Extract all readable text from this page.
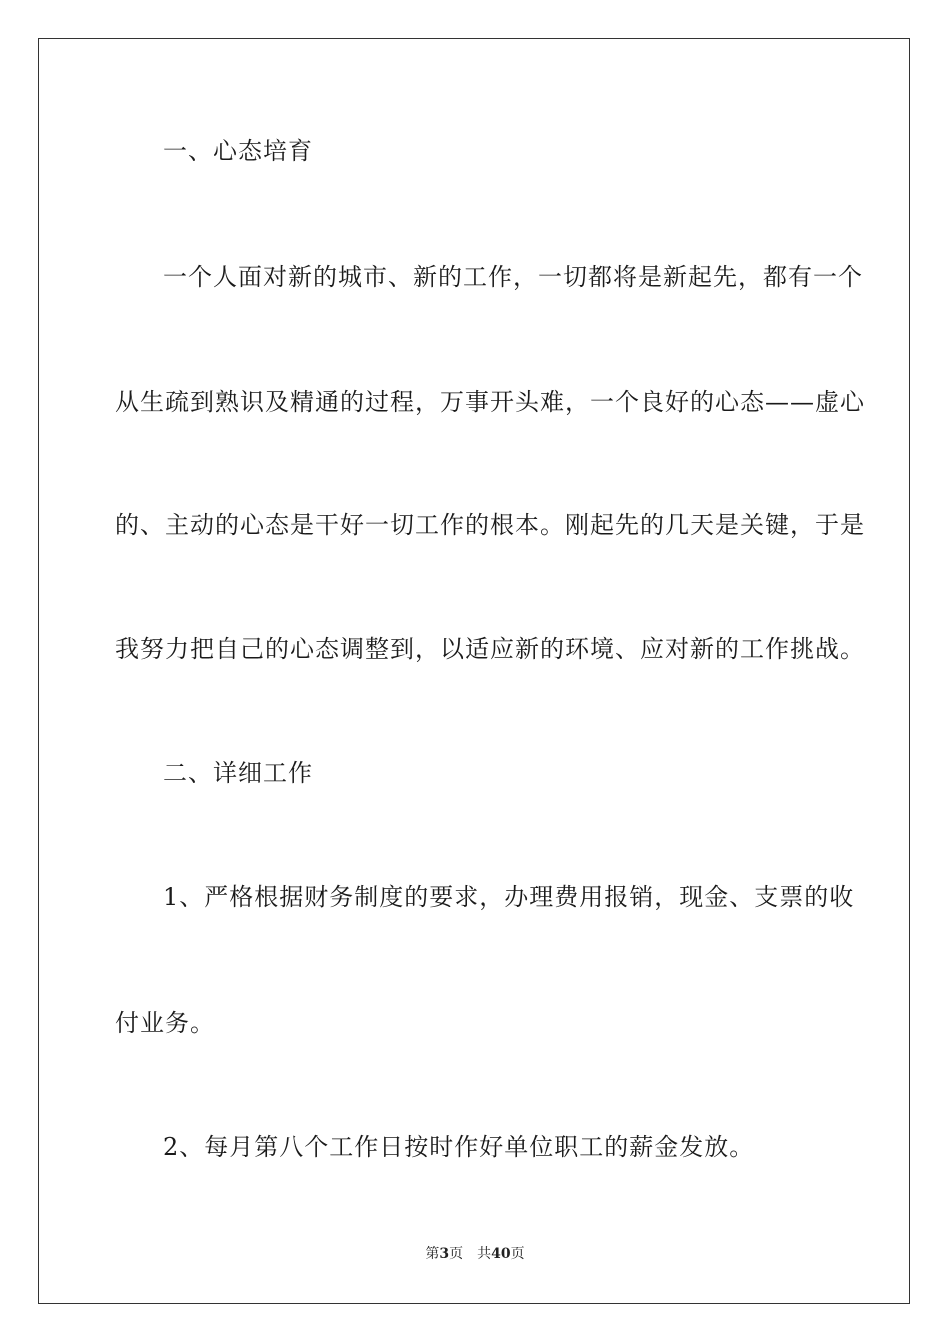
一、心态培育
一个人面对新的城市、新的工作，一切都将是新起先，都有一个
从生疏到熟识及精通的过程，万事开头难，一个良好的心态——虚心
的、主动的心态是干好一切工作的根本。刚起先的几天是关键，于是
我努力把自己的心态调整到，以适应新的环境、应对新的工作挑战。
二、详细工作
1、严格根据财务制度的要求，办理费用报销，现金、支票的收
付业务。
2、每月第八个工作日按时作好单位职工的薪金发放。
第3页 共40页
